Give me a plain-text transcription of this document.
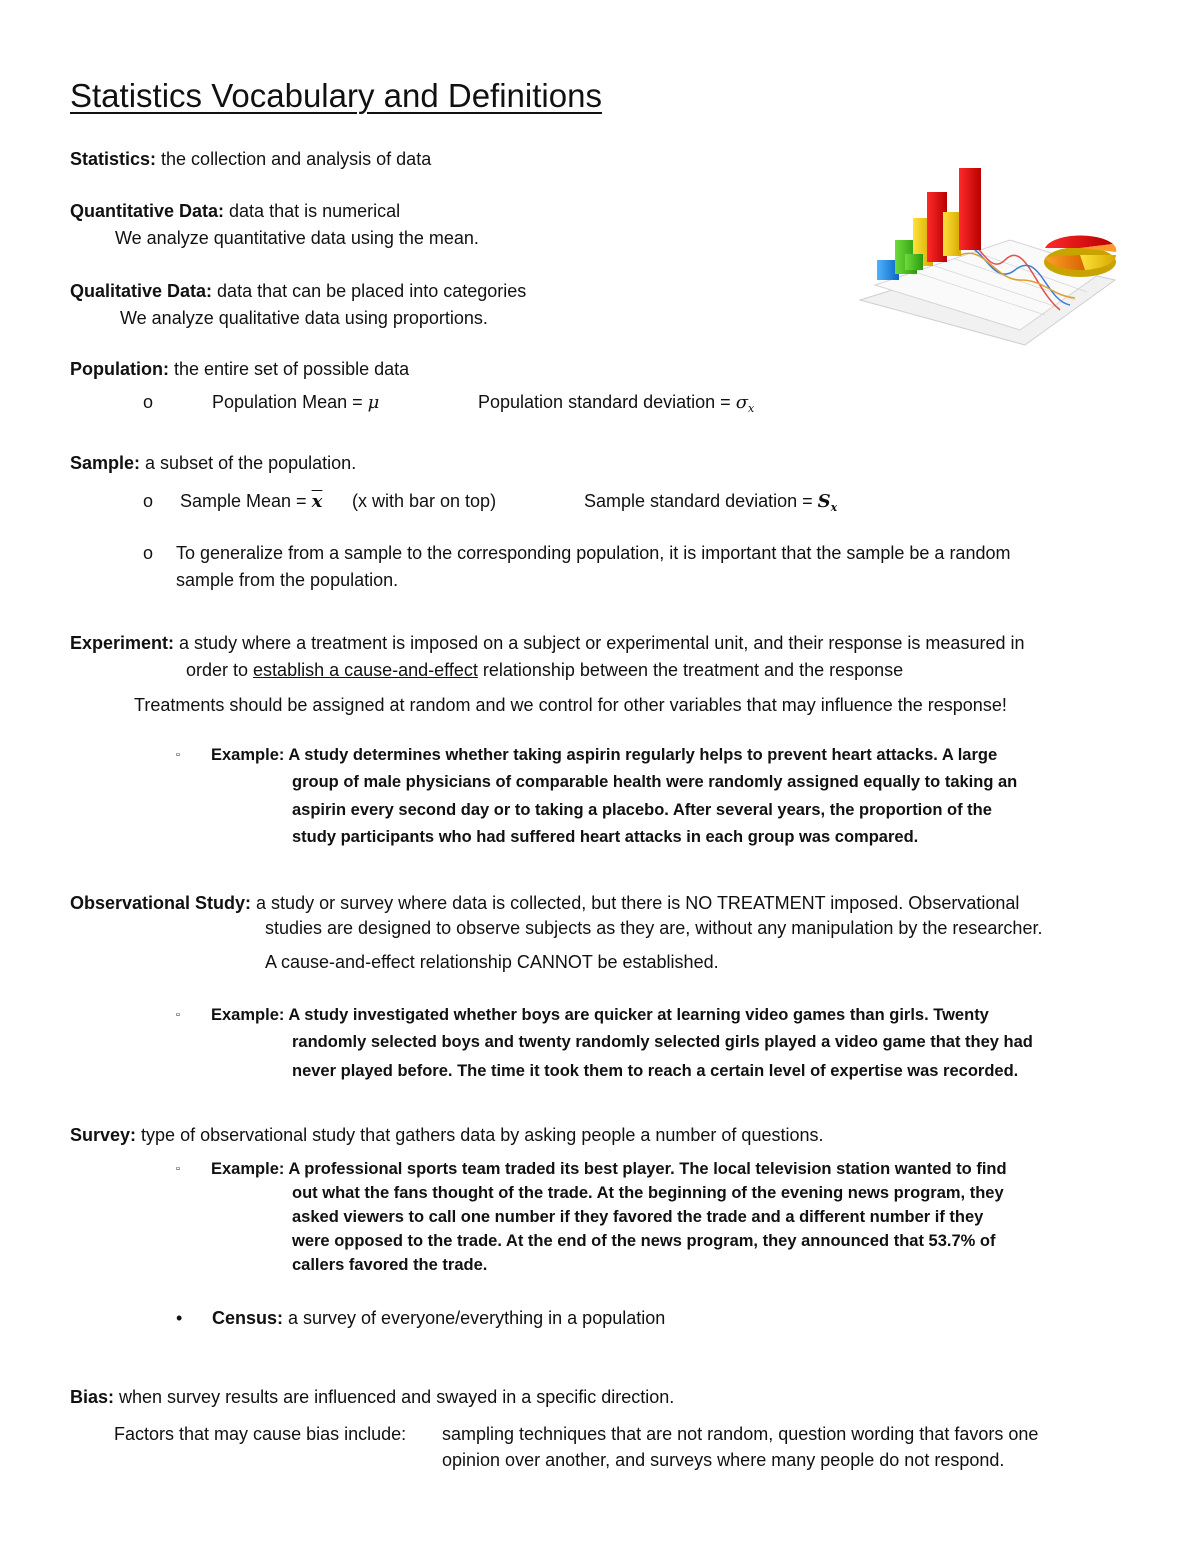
Statistics Vocabulary and Definitions
Statistics: the collection and analysis of data
Quantitative Data: data that is numerical
We analyze quantitative data using the mean.
Qualitative Data: data that can be placed into categories
We analyze qualitative data using proportions.
Population: the entire set of possible data
o	Population Mean = μ	Population standard deviation = $\sigma_x$
Sample: a subset of the population.
o Sample Mean = $\overline{x}$ (x with bar on top)	Sample standard deviation = $S_x$
o To generalize from a sample to the corresponding population, it is important that the sample be a random
sample from the population.
Experiment: a study where a treatment is imposed on a subject or experimental unit, and their response is measured in
order to establish a cause-and-effect relationship between the treatment and the response
Treatments should be assigned at random and we control for other variables that may influence the response!
▫ Example: A study determines whether taking aspirin regularly helps to prevent heart attacks. A large
group of male physicians of comparable health were randomly assigned equally to taking an
aspirin every second day or to taking a placebo. After several years, the proportion of the
study participants who had suffered heart attacks in each group was compared.
Observational Study: a study or survey where data is collected, but there is NO TREATMENT imposed. Observational
studies are designed to observe subjects as they are, without any manipulation by the researcher.
A cause-and-effect relationship CANNOT be established.
▫ Example: A study investigated whether boys are quicker at learning video games than girls. Twenty
randomly selected boys and twenty randomly selected girls played a video game that they had
never played before. The time it took them to reach a certain level of expertise was recorded.
Survey: type of observational study that gathers data by asking people a number of questions.
▫ Example: A professional sports team traded its best player. The local television station wanted to find
out what the fans thought of the trade. At the beginning of the evening news program, they
asked viewers to call one number if they favored the trade and a different number if they
were opposed to the trade. At the end of the news program, they announced that 53.7% of
callers favored the trade.
• Census: a survey of everyone/everything in a population
Bias: when survey results are influenced and swayed in a specific direction.
Factors that may cause bias include: sampling techniques that are not random, question wording that favors one
opinion over another, and surveys where many people do not respond.
